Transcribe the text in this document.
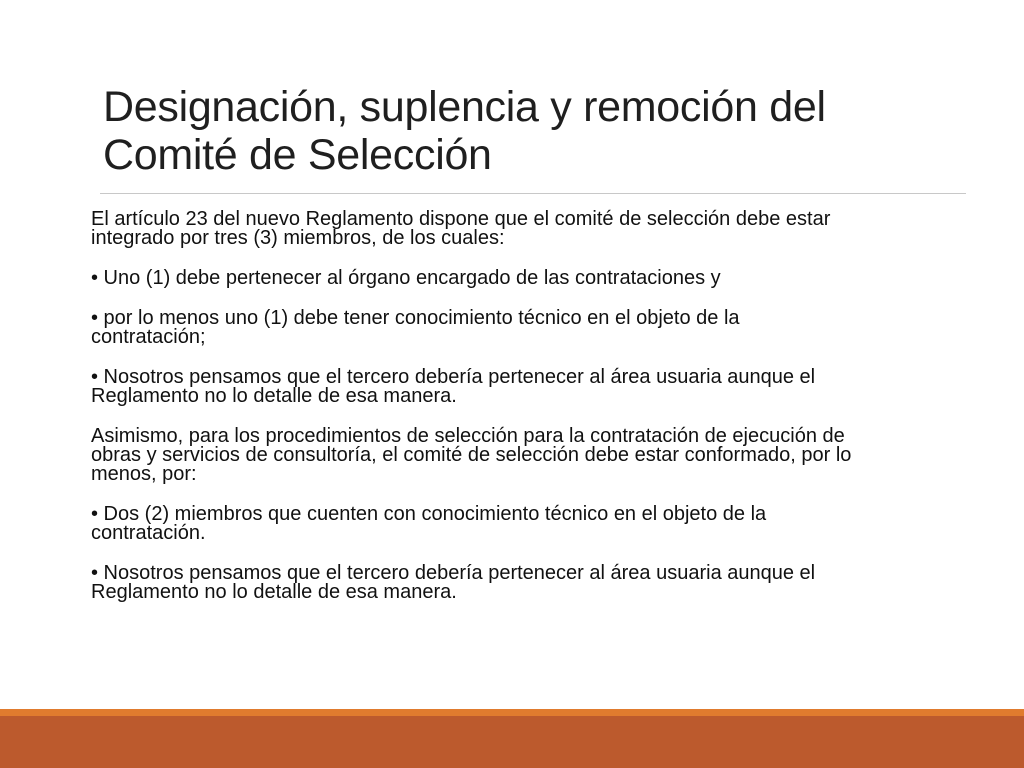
Designación, suplencia y remoción del
Comité de Selección

El artículo 23 del nuevo Reglamento dispone que el comité de selección debe estar
integrado por tres (3) miembros, de los cuales:

• Uno (1) debe pertenecer al órgano encargado de las contrataciones y

• por lo menos uno (1) debe tener conocimiento técnico en el objeto de la
contratación;

• Nosotros pensamos que el tercero debería pertenecer al área usuaria aunque el
Reglamento no lo detalle de esa manera.

Asimismo, para los procedimientos de selección para la contratación de ejecución de
obras y servicios de consultoría, el comité de selección debe estar conformado, por lo
menos, por:

• Dos (2) miembros que cuenten con conocimiento técnico en el objeto de la
contratación.

• Nosotros pensamos que el tercero debería pertenecer al área usuaria aunque el
Reglamento no lo detalle de esa manera.
